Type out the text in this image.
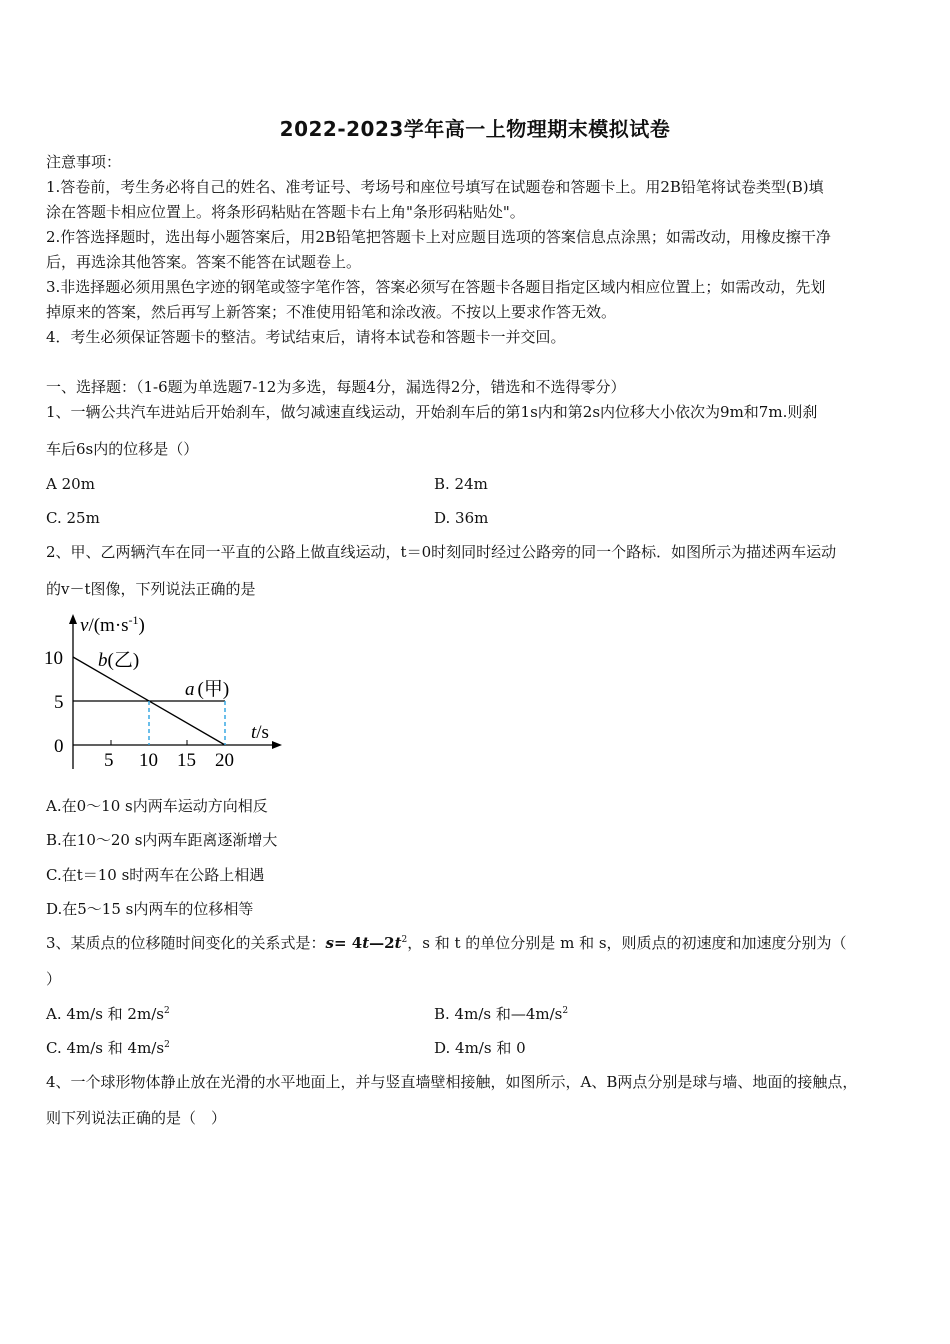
2022-2023学年高一上物理期末模拟试卷
注意事项：
1.答卷前，考生务必将自己的姓名、准考证号、考场号和座位号填写在试题卷和答题卡上。用2B铅笔将试卷类型(B)填
涂在答题卡相应位置上。将条形码粘贴在答题卡右上角"条形码粘贴处"。
2.作答选择题时，选出每小题答案后，用2B铅笔把答题卡上对应题目选项的答案信息点涂黑；如需改动，用橡皮擦干净
后，再选涂其他答案。答案不能答在试题卷上。
3.非选择题必须用黑色字迹的钢笔或签字笔作答，答案必须写在答题卡各题目指定区域内相应位置上；如需改动，先划
掉原来的答案，然后再写上新答案；不准使用铅笔和涂改液。不按以上要求作答无效。
4．考生必须保证答题卡的整洁。考试结束后，请将本试卷和答题卡一并交回。
一、选择题：（1-6题为单选题7-12为多选，每题4分，漏选得2分，错选和不选得零分）
1、一辆公共汽车进站后开始刹车，做匀减速直线运动，开始刹车后的第1s内和第2s内位移大小依次为9m和7m.则刹
车后6s内的位移是（）
A 20m	B. 24m
C. 25m	D. 36m
2、甲、乙两辆汽车在同一平直的公路上做直线运动，t＝0时刻同时经过公路旁的同一个路标．如图所示为描述两车运动
的v－t图像，下列说法正确的是
$v/(m\cdot s^{-1})$
t/s
10
5
0
5 10 15 20
b(乙)
a (甲)
A.在0～10 s内两车运动方向相反
B.在10～20 s内两车距离逐渐增大
C.在t＝10 s时两车在公路上相遇
D.在5～15 s内两车的位移相等
3、某质点的位移随时间变化的关系式是：$s= 4t—2t^2$，s 和 t 的单位分别是 m 和 s，则质点的初速度和加速度分别为（
）
A. 4m/s 和 $2m/s^2$	B. 4m/s 和$—4m/s^2$
C. 4m/s 和 $4m/s^2$	D. 4m/s 和 0
4、一个球形物体静止放在光滑的水平地面上，并与竖直墙壁相接触，如图所示，A、B两点分别是球与墙、地面的接触点，
则下列说法正确的是（　）
